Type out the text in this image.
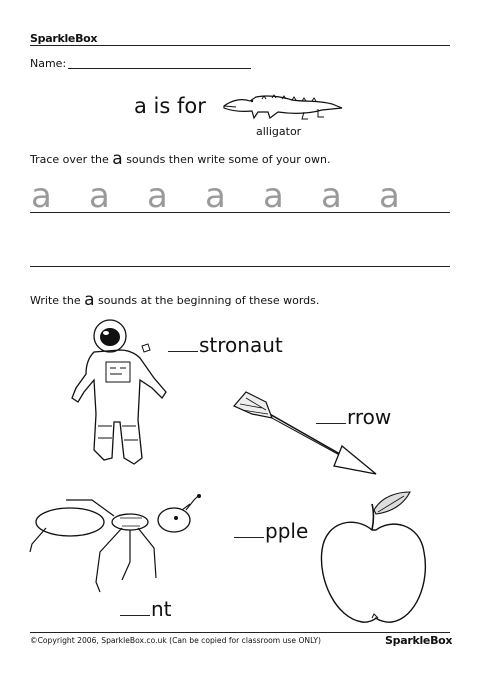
SparkleBox
Name:
a is for
alligator
Trace over the a sounds then write some of your own.
a a a a a a a
Write the a sounds at the beginning of these words.
stronaut
rrow
nt
pple
©Copyright 2006, SparkleBox.co.uk (Can be copied for classroom use ONLY)	SparkleBox
